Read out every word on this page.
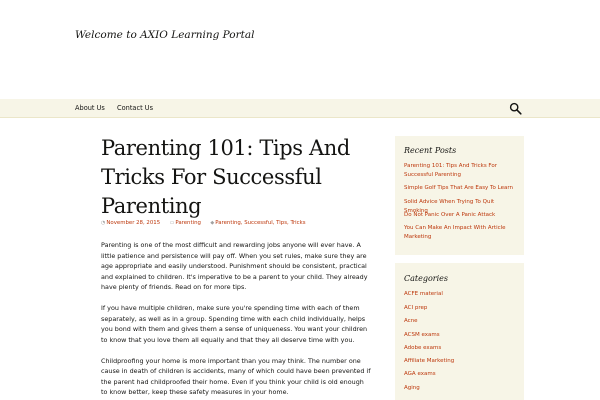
Welcome to AXIO Learning Portal
About Us Contact Us
Parenting 101: Tips And Tricks For Successful Parenting
◔November 28, 2015 ▭Parenting ◆Parenting, Successful, Tips, Tricks

Parenting is one of the most difficult and rewarding jobs anyone will ever have. A little patience and persistence will pay off. When you set rules, make sure they are age appropriate and easily understood. Punishment should be consistent, practical and explained to children. It's imperative to be a parent to your child. They already have plenty of friends. Read on for more tips.

If you have multiple children, make sure you're spending time with each of them separately, as well as in a group. Spending time with each child individually, helps you bond with them and gives them a sense of uniqueness. You want your children to know that you love them all equally and that they all deserve time with you.

Childproofing your home is more important than you may think. The number one cause in death of children is accidents, many of which could have been prevented if the parent had childproofed their home. Even if you think your child is old enough to know better, keep these safety measures in your home.

Recent Posts
Parenting 101: Tips And Tricks For Successful Parenting
Simple Golf Tips That Are Easy To Learn
Solid Advice When Trying To Quit Smoking
Do Not Panic Over A Panic Attack
You Can Make An Impact With Article Marketing
Categories
ACFE material
ACI prep
Acne
ACSM exams
Adobe exams
Affiliate Marketing
AGA exams
Aging
